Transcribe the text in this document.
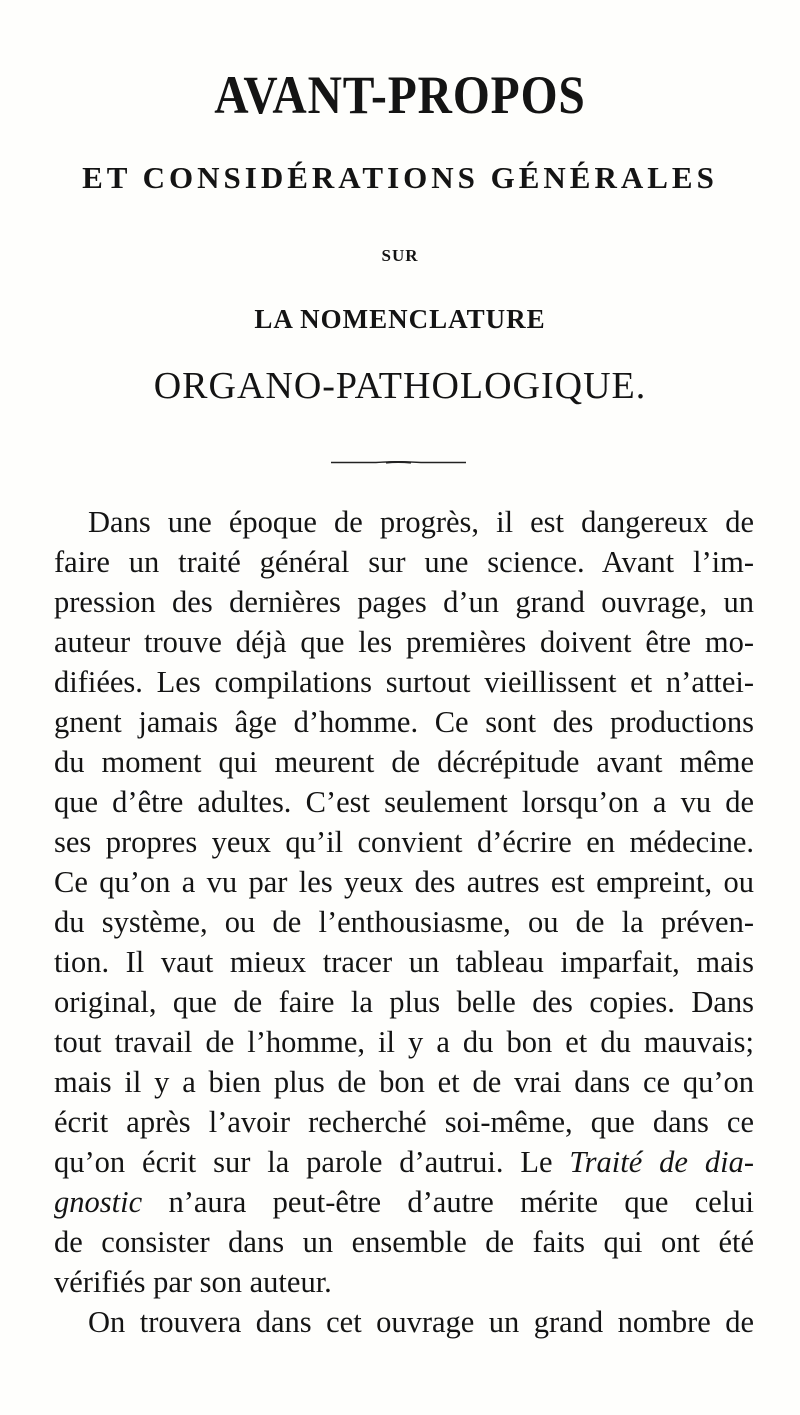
AVANT-PROPOS
ET CONSIDÉRATIONS GÉNÉRALES
SUR
LA NOMENCLATURE
ORGANO-PATHOLOGIQUE.
Dans une époque de progrès, il est dangereux de
faire un traité général sur une science. Avant l’im-
pression des dernières pages d’un grand ouvrage, un
auteur trouve déjà que les premières doivent être mo-
difiées. Les compilations surtout vieillissent et n’attei-
gnent jamais âge d’homme. Ce sont des productions
du moment qui meurent de décrépitude avant même
que d’être adultes. C’est seulement lorsqu’on a vu de
ses propres yeux qu’il convient d’écrire en médecine.
Ce qu’on a vu par les yeux des autres est empreint, ou
du système, ou de l’enthousiasme, ou de la préven-
tion. Il vaut mieux tracer un tableau imparfait, mais
original, que de faire la plus belle des copies. Dans
tout travail de l’homme, il y a du bon et du mauvais;
mais il y a bien plus de bon et de vrai dans ce qu’on
écrit après l’avoir recherché soi-même, que dans ce
qu’on écrit sur la parole d’autrui. Le Traité de dia-
gnostic n’aura peut-être d’autre mérite que celui
de consister dans un ensemble de faits qui ont été
vérifiés par son auteur.
On trouvera dans cet ouvrage un grand nombre de
